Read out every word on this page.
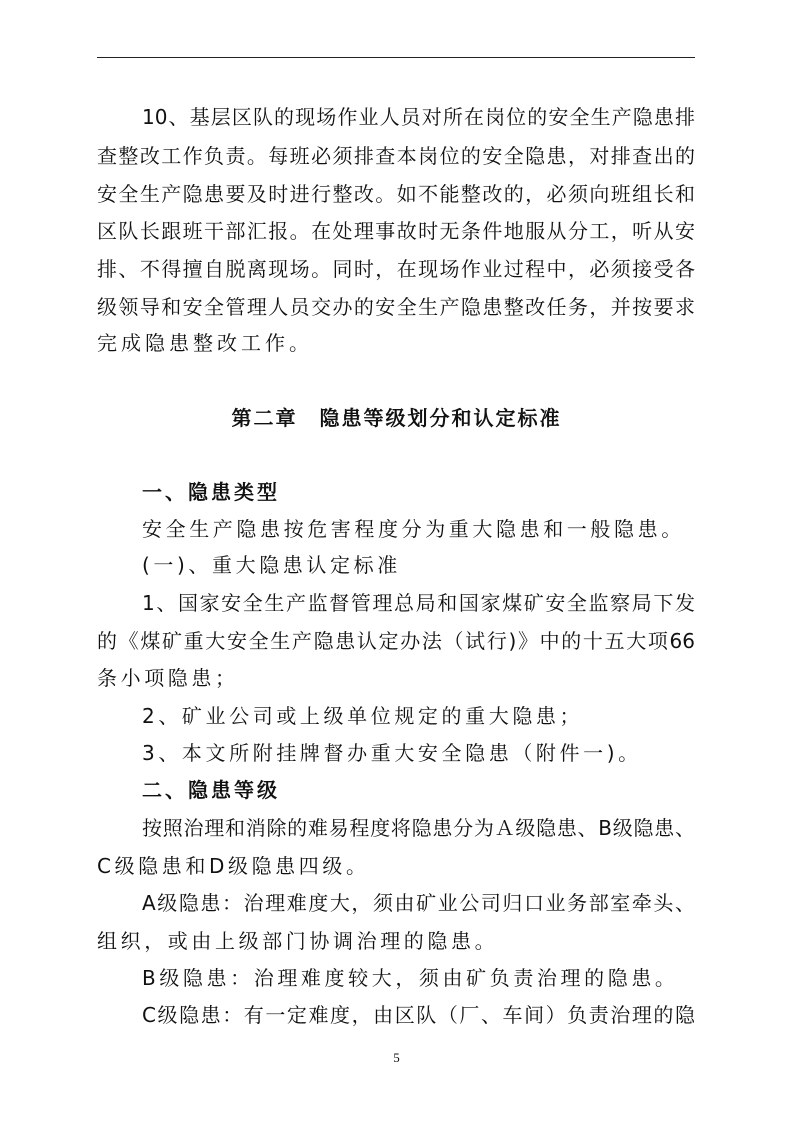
10、基层区队的现场作业人员对所在岗位的安全生产隐患排
查整改工作负责。每班必须排查本岗位的安全隐患，对排查出的
安全生产隐患要及时进行整改。如不能整改的，必须向班组长和
区队长跟班干部汇报。在处理事故时无条件地服从分工，听从安
排、不得擅自脱离现场。同时，在现场作业过程中，必须接受各
级领导和安全管理人员交办的安全生产隐患整改任务，并按要求
完成隐患整改工作。
第二章　隐患等级划分和认定标准
一、隐患类型
安全生产隐患按危害程度分为重大隐患和一般隐患。
(一)、重大隐患认定标准
1、国家安全生产监督管理总局和国家煤矿安全监察局下发
的《煤矿重大安全生产隐患认定办法（试行)》中的十五大项66
条小项隐患；
2、矿业公司或上级单位规定的重大隐患；
3、本文所附挂牌督办重大安全隐患（附件一)。
二、隐患等级
按照治理和消除的难易程度将隐患分为Ａ级隐患、B级隐患、
C级隐患和D级隐患四级。
A级隐患：治理难度大，须由矿业公司归口业务部室牵头、
组织，或由上级部门协调治理的隐患。
B级隐患：治理难度较大，须由矿负责治理的隐患。
C级隐患：有一定难度，由区队（厂、车间）负责治理的隐
5
